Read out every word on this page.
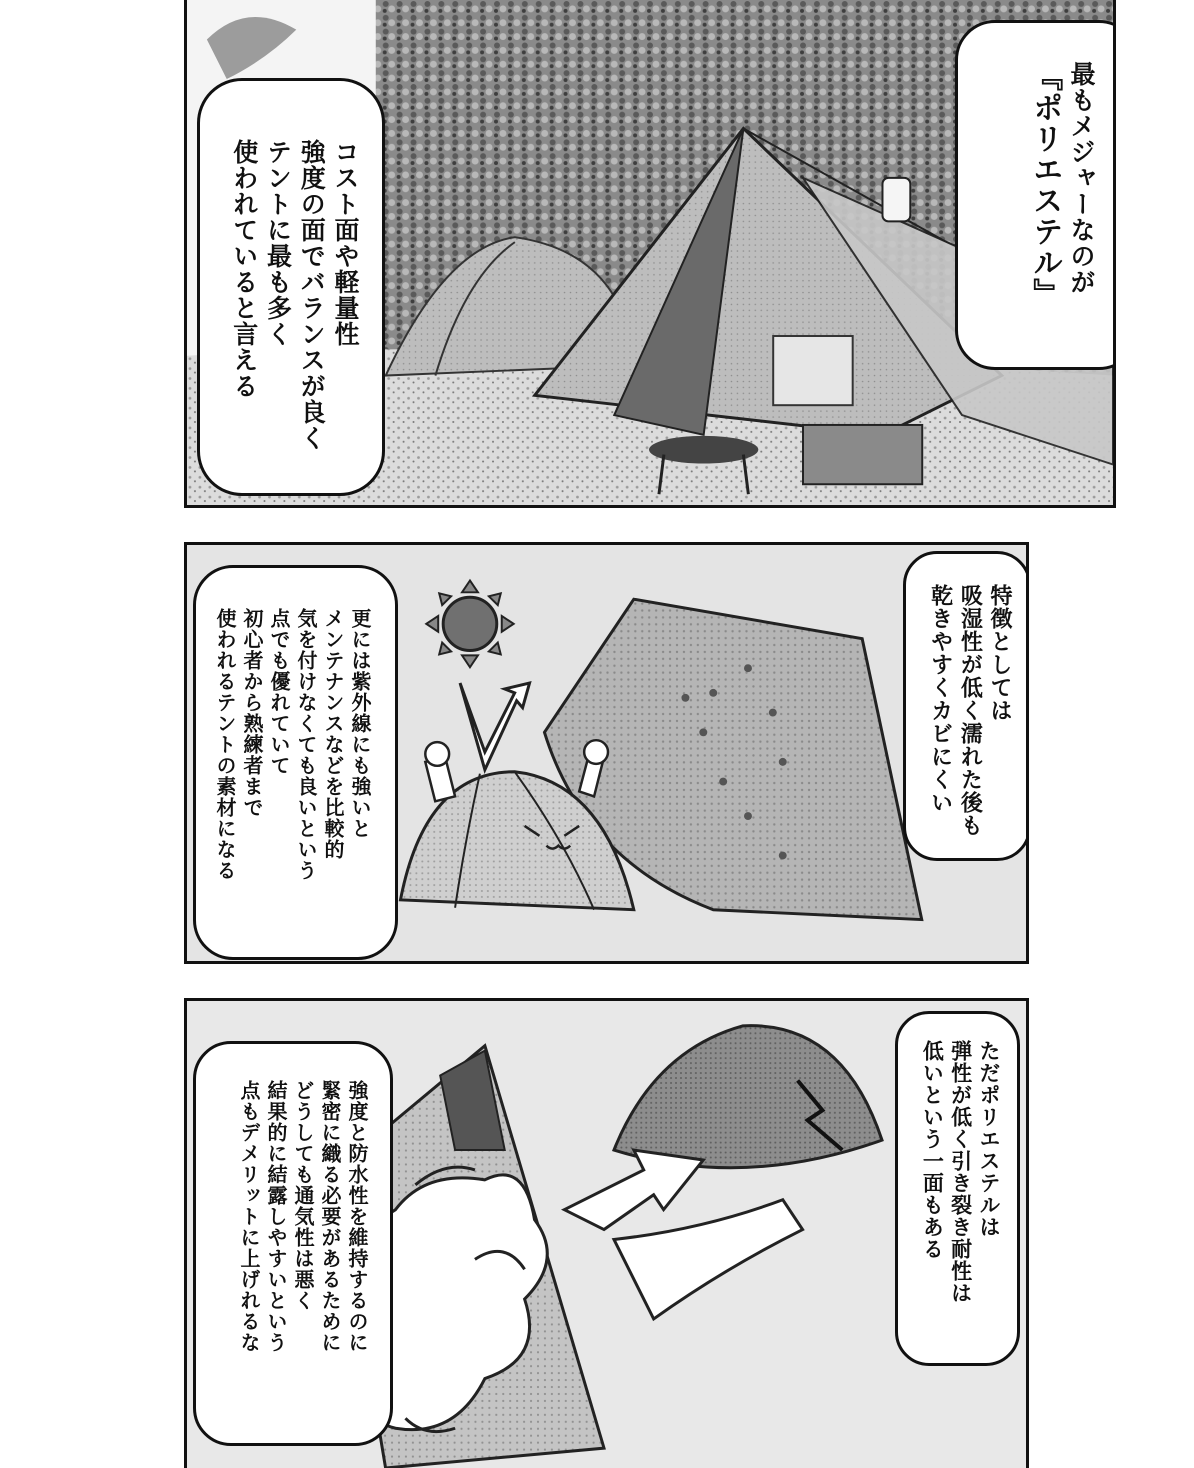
最もメジャーなのが
『ポリエステル』
コスト面や軽量性
強度の面でバランスが良く
テントに最も多く
使われていると言える
特徴としては
吸湿性が低く濡れた後も
乾きやすくカビにくい
更には紫外線にも強いと
メンテナンスなどを比較的
気を付けなくても良いという
点でも優れていて
初心者から熟練者まで
使われるテントの素材になる
ただポリエステルは
弾性が低く引き裂き耐性は
低いという一面もある
強度と防水性を維持するのに
緊密に織る必要があるために
どうしても通気性は悪く
結果的に結露しやすいという
点もデメリットに上げれるな
